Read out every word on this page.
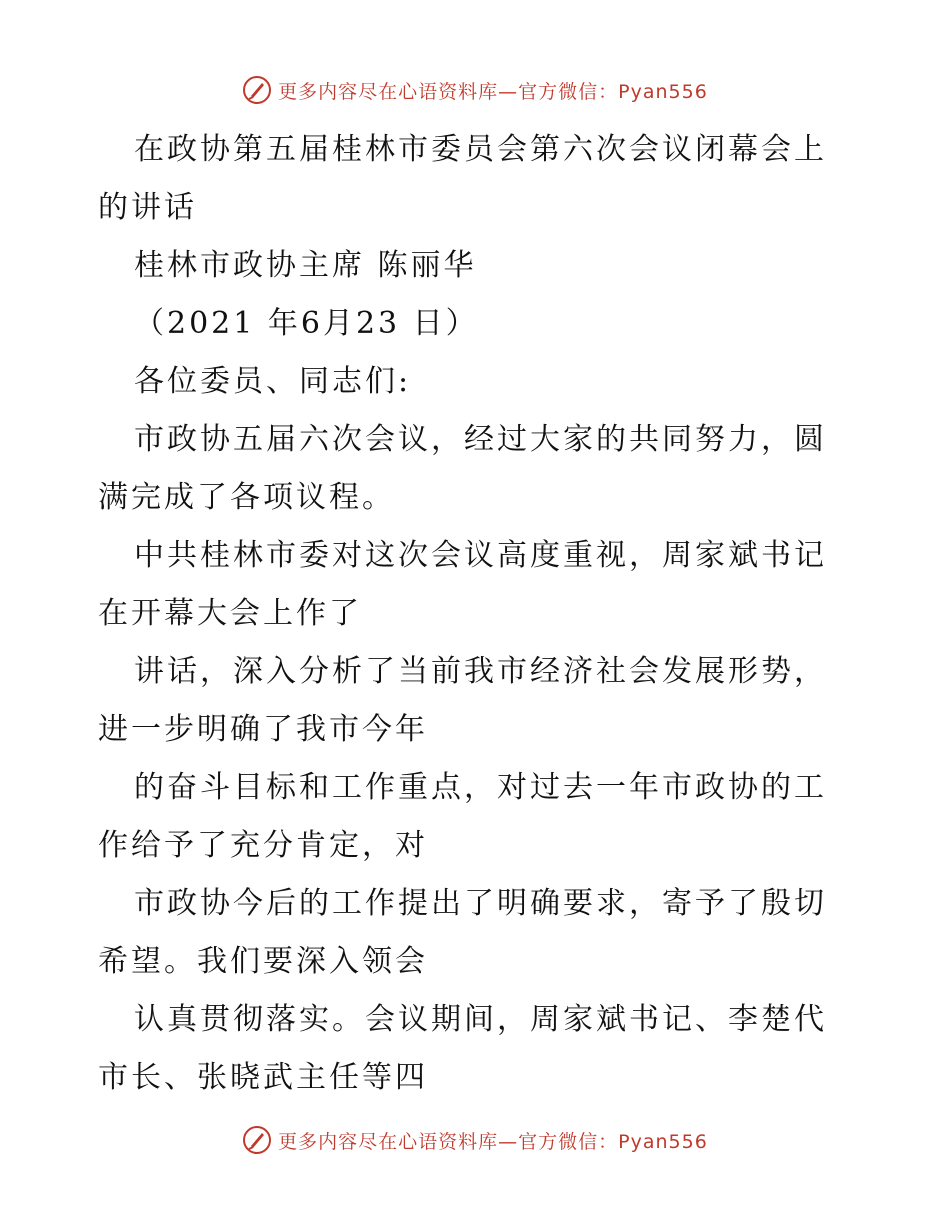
更多内容尽在心语资料库—官方微信：Pyan556
在政协第五届桂林市委员会第六次会议闭幕会上
的讲话
桂林市政协主席 陈丽华
（2021 年6月23 日）
各位委员、同志们:
市政协五届六次会议，经过大家的共同努力，圆
满完成了各项议程。
中共桂林市委对这次会议高度重视，周家斌书记
在开幕大会上作了
讲话，深入分析了当前我市经济社会发展形势，
进一步明确了我市今年
的奋斗目标和工作重点，对过去一年市政协的工
作给予了充分肯定，对
市政协今后的工作提出了明确要求，寄予了殷切
希望。我们要深入领会
认真贯彻落实。会议期间，周家斌书记、李楚代
市长、张晓武主任等四
更多内容尽在心语资料库—官方微信：Pyan556
